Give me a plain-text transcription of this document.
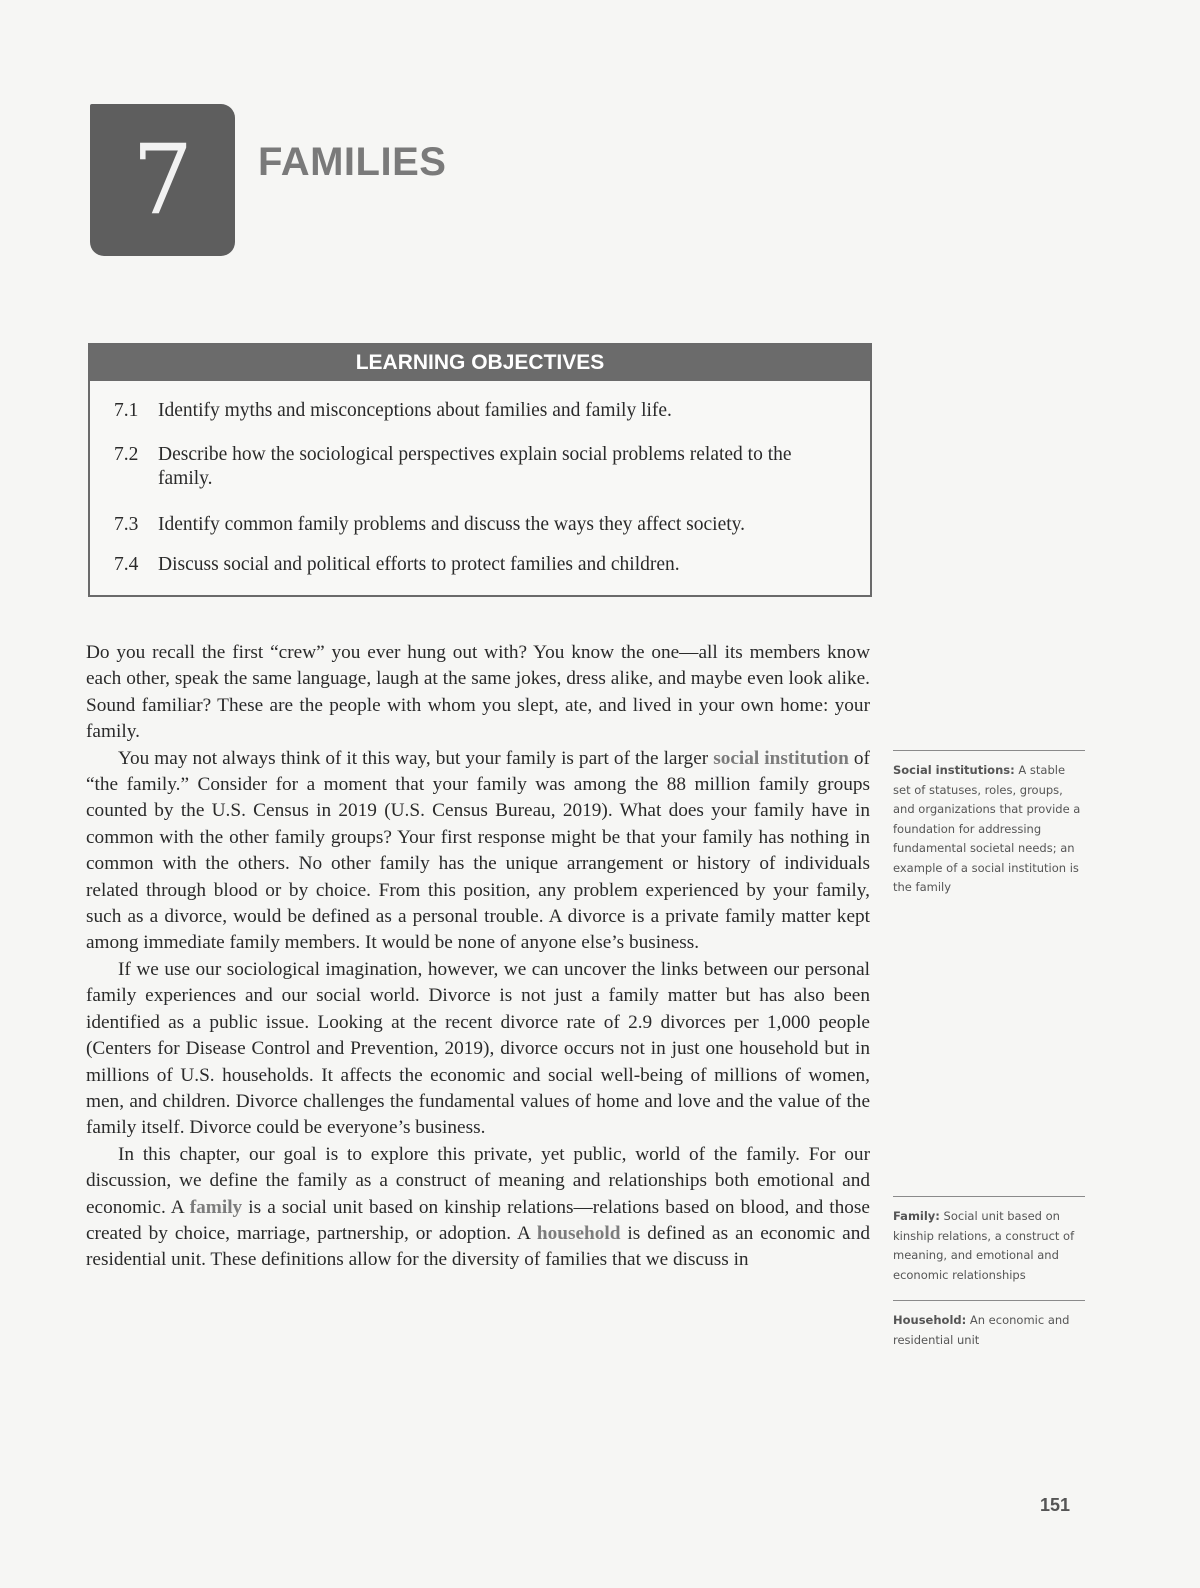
7 FAMILIES
LEARNING OBJECTIVES
7.1	Identify myths and misconceptions about families and family life.
7.2	Describe how the sociological perspectives explain social problems related to the family.
7.3	Identify common family problems and discuss the ways they affect society.
7.4	Discuss social and political efforts to protect families and children.

Do you recall the first “crew” you ever hung out with? You know the one—all its members know each other, speak the same language, laugh at the same jokes, dress alike, and maybe even look alike. Sound familiar? These are the people with whom you slept, ate, and lived in your own home: your family.

You may not always think of it this way, but your family is part of the larger social institution of “the family.” Consider for a moment that your family was among the 88 million family groups counted by the U.S. Census in 2019 (U.S. Census Bureau, 2019). What does your family have in common with the other family groups? Your first response might be that your family has nothing in common with the others. No other family has the unique arrangement or history of individuals related through blood or by choice. From this position, any problem experienced by your family, such as a divorce, would be defined as a personal trouble. A divorce is a private family matter kept among immediate family members. It would be none of anyone else’s business.

If we use our sociological imagination, however, we can uncover the links between our personal family experiences and our social world. Divorce is not just a family matter but has also been identified as a public issue. Looking at the recent divorce rate of 2.9 divorces per 1,000 people (Centers for Disease Control and Prevention, 2019), divorce occurs not in just one household but in millions of U.S. households. It affects the economic and social well-being of millions of women, men, and children. Divorce challenges the fundamental values of home and love and the value of the family itself. Divorce could be everyone’s business.

In this chapter, our goal is to explore this private, yet public, world of the family. For our discussion, we define the family as a construct of meaning and relationships both emotional and economic. A family is a social unit based on kinship relations—relations based on blood, and those created by choice, marriage, partnership, or adoption. A household is defined as an economic and residential unit. These definitions allow for the diversity of families that we discuss in

Social institutions: A stable set of statuses, roles, groups, and organizations that provide a foundation for addressing fundamental societal needs; an example of a social institution is the family
Family: Social unit based on kinship relations, a construct of meaning, and emotional and economic relationships
Household: An economic and residential unit
151
